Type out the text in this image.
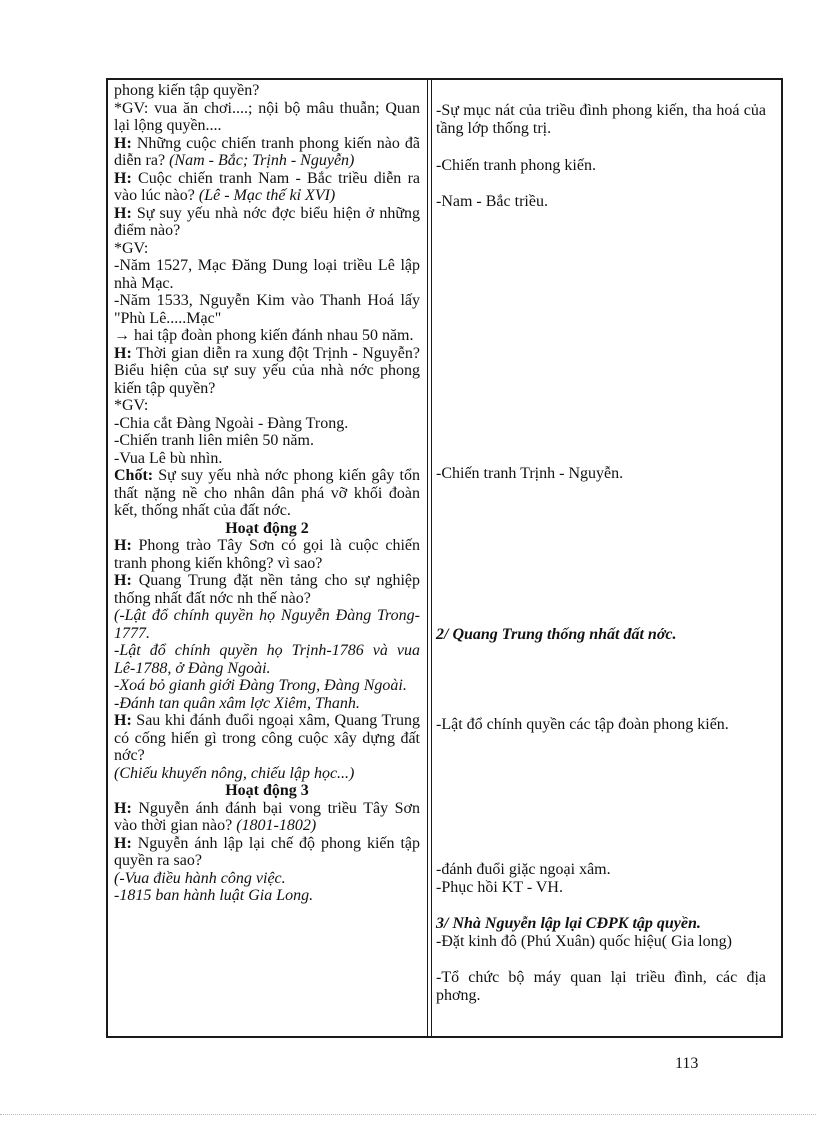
phong kiến tập quyền?

*GV: vua ăn chơi....; nội bộ mâu thuẫn; Quan lại lộng quyền....

H: Những cuộc chiến tranh phong kiến nào đã diễn ra? (Nam - Bắc; Trịnh - Nguyễn)

H: Cuộc chiến tranh Nam - Bắc triều diễn ra vào lúc nào? (Lê - Mạc thế kỉ XVI)

H: Sự suy yếu nhà nớc đợc biểu hiện ở những điểm nào?

*GV:

-Năm 1527, Mạc Đăng Dung loại triều Lê lập nhà Mạc.

-Năm 1533, Nguyễn Kim vào Thanh Hoá lấy "Phù Lê.....Mạc"

→ hai tập đoàn phong kiến đánh nhau 50 năm.

H: Thời gian diễn ra xung đột Trịnh - Nguyễn? Biểu hiện của sự suy yếu của nhà nớc phong kiến tập quyền?

*GV:

-Chia cắt Đàng Ngoài - Đàng Trong.

-Chiến tranh liên miên 50 năm.

-Vua Lê bù nhìn.

Chốt: Sự suy yếu nhà nớc phong kiến gây tổn thất nặng nề cho nhân dân phá vỡ khối đoàn kết, thống nhất của đất nớc.

Hoạt động 2

H: Phong trào Tây Sơn có gọi là cuộc chiến tranh phong kiến không? vì sao?

H: Quang Trung đặt nền tảng cho sự nghiệp thống nhất đất nớc nh thế nào?

(-Lật đổ chính quyền họ Nguyễn Đàng Trong-1777.

-Lật đổ chính quyền họ Trịnh-1786 và vua Lê-1788, ở Đàng Ngoài.

-Xoá bỏ gianh giới Đàng Trong, Đàng Ngoài.

-Đánh tan quân xâm lợc Xiêm, Thanh.

H: Sau khi đánh đuổi ngoại xâm, Quang Trung có cống hiến gì trong công cuộc xây dựng đất nớc?

(Chiếu khuyến nông, chiếu lập học...)

Hoạt động 3

H: Nguyễn ánh đánh bại vong triều Tây Sơn vào thời gian nào? (1801-1802)

H: Nguyễn ánh lập lại chế độ phong kiến tập quyền ra sao?

(-Vua điều hành công việc.

-1815 ban hành luật Gia Long.

-Sự mục nát của triều đình phong kiến, tha hoá của tầng lớp thống trị.

-Chiến tranh phong kiến.

-Nam - Bắc triều.

-Chiến tranh Trịnh - Nguyễn.

2/ Quang Trung thống nhất đất nớc.

-Lật đổ chính quyền các tập đoàn phong kiến.

-đánh đuổi giặc ngoại xâm.

-Phục hồi KT - VH.

3/ Nhà Nguyễn lập lại CĐPK tập quyền.

-Đặt kinh đô (Phú Xuân) quốc hiệu( Gia long)

-Tổ chức bộ máy quan lại triều đình, các địa phơng.

113
